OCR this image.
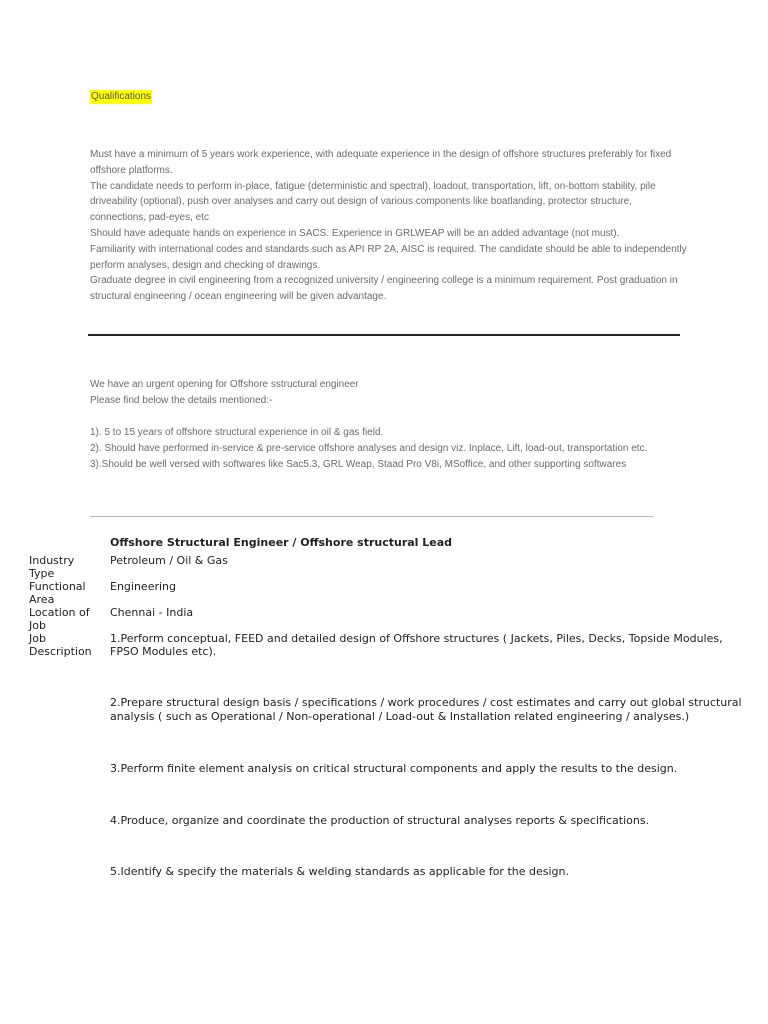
Qualifications

Must have a minimum of 5 years work experience, with adequate experience in the design of offshore structures preferably for fixed offshore platforms.

The candidate needs to perform in-place, fatigue (deterministic and spectral), loadout, transportation, lift, on-bottom stability, pile driveability (optional), push over analyses and carry out design of various components like boatlanding, protector structure, connections, pad-eyes, etc

Should have adequate hands on experience in SACS. Experience in GRLWEAP will be an added advantage (not must).

Familiarity with international codes and standards such as API RP 2A, AISC is required. The candidate should be able to independently perform analyses, design and checking of drawings.

Graduate degree in civil engineering from a recognized university / engineering college is a minimum requirement. Post graduation in structural engineering / ocean engineering will be given advantage.

We have an urgent opening for Offshore sstructural engineer

Please find below the details mentioned:-

1). 5 to 15 years of offshore structural experience in oil & gas field.

2). Should have performed in-service & pre-service offshore analyses and design viz. Inplace, Lift, load-out, transportation etc.

3).Should be well versed with softwares like Sac5.3, GRL Weap, Staad Pro V8i, MSoffice, and other supporting softwares

________________________________________________________________________________________________________
Offshore Structural Engineer / Offshore structural Lead
Industry Type
Petroleum / Oil & Gas
Functional Area
Engineering
Location of Job
Chennai - India
Job Description
1.Perform conceptual, FEED and detailed design of Offshore structures ( Jackets, Piles, Decks, Topside Modules, FPSO Modules etc).
2.Prepare structural design basis / specifications / work procedures / cost estimates and carry out global structural analysis ( such as Operational / Non-operational / Load-out & Installation related engineering / analyses.)
3.Perform finite element analysis on critical structural components and apply the results to the design.
4.Produce, organize and coordinate the production of structural analyses reports & specifications.
5.Identify & specify the materials & welding standards as applicable for the design.
